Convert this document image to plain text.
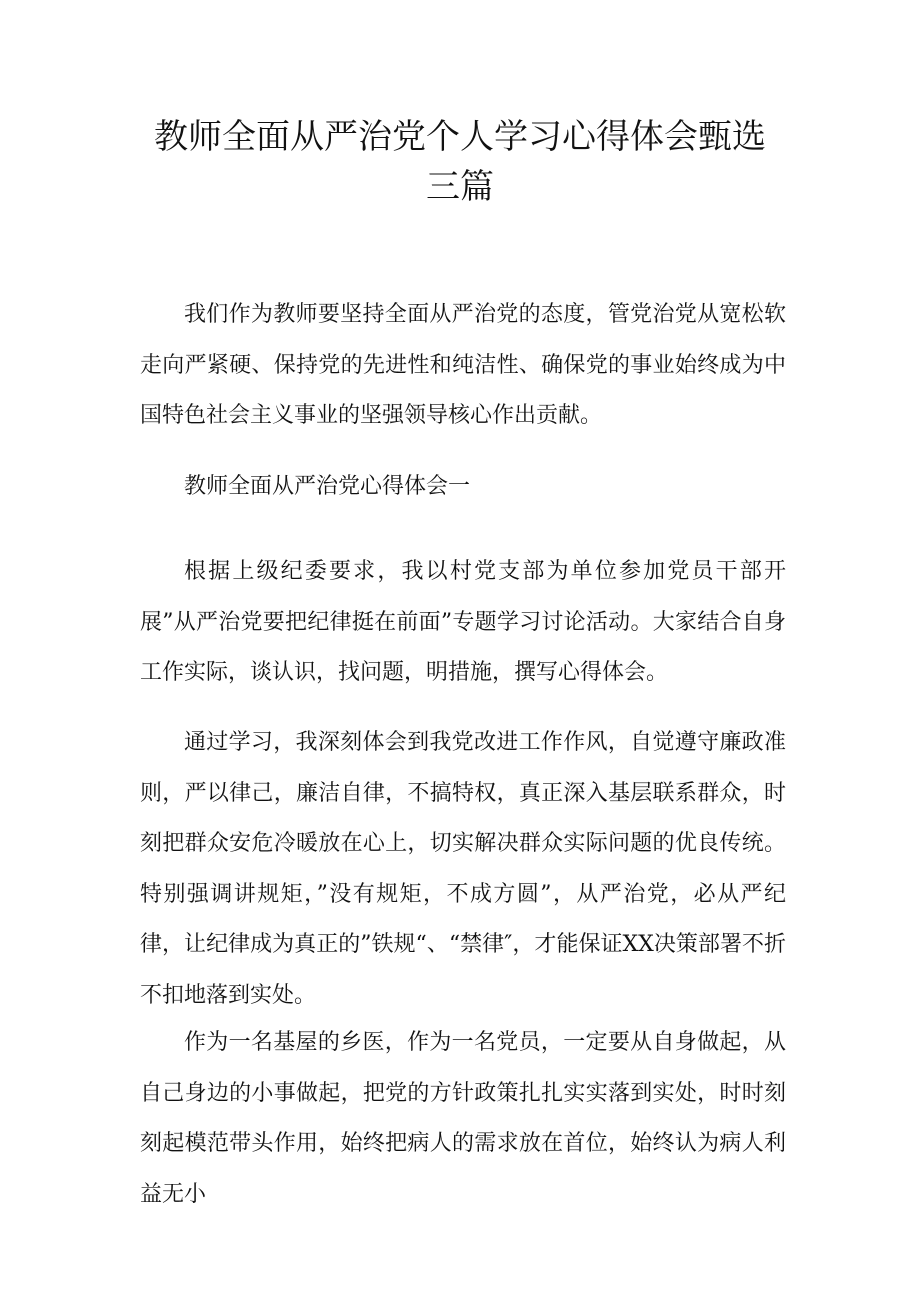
教师全面从严治党个人学习心得体会甄选
三篇

我们作为教师要坚持全面从严治党的态度，管党治党从宽松软走向严紧硬、保持党的先进性和纯洁性、确保党的事业始终成为中国特色社会主义事业的坚强领导核心作出贡献。

教师全面从严治党心得体会一

根据上级纪委要求，我以村党支部为单位参加党员干部开展”从严治党要把纪律挺在前面”专题学习讨论活动。大家结合自身工作实际，谈认识，找问题，明措施，撰写心得体会。

通过学习，我深刻体会到我党改进工作作风，自觉遵守廉政准则，严以律己，廉洁自律，不搞特权，真正深入基层联系群众，时刻把群众安危冷暖放在心上，切实解决群众实际问题的优良传统。特别强调讲规矩，”没有规矩，不成方圆”，从严治党，必从严纪律，让纪律成为真正的”铁规“、“禁律″，才能保证XX决策部署不折不扣地落到实处。

作为一名基屋的乡医，作为一名党员，一定要从自身做起，从自己身边的小事做起，把党的方针政策扎扎实实落到实处，时时刻刻起模范带头作用，始终把病人的需求放在首位，始终认为病人利益无小
